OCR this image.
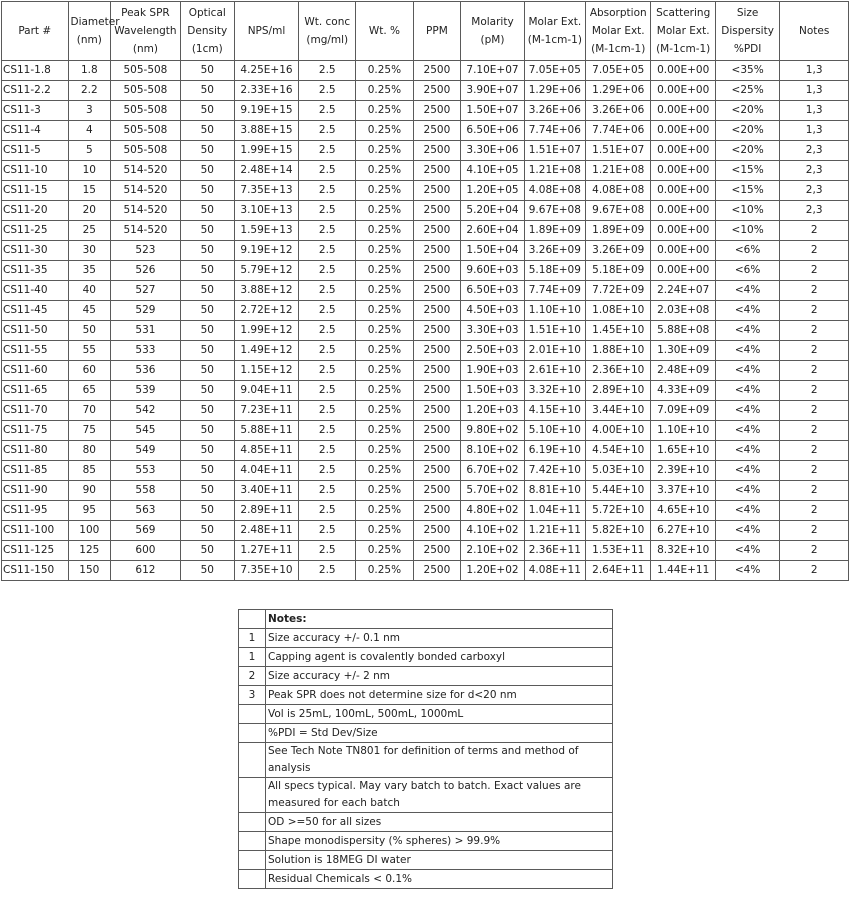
Part #	Diameter (nm)	Peak SPR Wavelength (nm)	Optical Density (1cm)	NPS/ml	Wt. conc (mg/ml)	Wt. %	PPM	Molarity (pM)	Molar Ext. (M-1cm-1)	Absorption Molar Ext. (M-1cm-1)	Scattering Molar Ext. (M-1cm-1)	Size Dispersity %PDI	Notes
CS11-1.8	1.8	505-508	50	4.25E+16	2.5	0.25%	2500	7.10E+07	7.05E+05	7.05E+05	0.00E+00	<35%	1,3
CS11-2.2	2.2	505-508	50	2.33E+16	2.5	0.25%	2500	3.90E+07	1.29E+06	1.29E+06	0.00E+00	<25%	1,3
CS11-3	3	505-508	50	9.19E+15	2.5	0.25%	2500	1.50E+07	3.26E+06	3.26E+06	0.00E+00	<20%	1,3
CS11-4	4	505-508	50	3.88E+15	2.5	0.25%	2500	6.50E+06	7.74E+06	7.74E+06	0.00E+00	<20%	1,3
CS11-5	5	505-508	50	1.99E+15	2.5	0.25%	2500	3.30E+06	1.51E+07	1.51E+07	0.00E+00	<20%	2,3
CS11-10	10	514-520	50	2.48E+14	2.5	0.25%	2500	4.10E+05	1.21E+08	1.21E+08	0.00E+00	<15%	2,3
CS11-15	15	514-520	50	7.35E+13	2.5	0.25%	2500	1.20E+05	4.08E+08	4.08E+08	0.00E+00	<15%	2,3
CS11-20	20	514-520	50	3.10E+13	2.5	0.25%	2500	5.20E+04	9.67E+08	9.67E+08	0.00E+00	<10%	2,3
CS11-25	25	514-520	50	1.59E+13	2.5	0.25%	2500	2.60E+04	1.89E+09	1.89E+09	0.00E+00	<10%	2
CS11-30	30	523	50	9.19E+12	2.5	0.25%	2500	1.50E+04	3.26E+09	3.26E+09	0.00E+00	<6%	2
CS11-35	35	526	50	5.79E+12	2.5	0.25%	2500	9.60E+03	5.18E+09	5.18E+09	0.00E+00	<6%	2
CS11-40	40	527	50	3.88E+12	2.5	0.25%	2500	6.50E+03	7.74E+09	7.72E+09	2.24E+07	<4%	2
CS11-45	45	529	50	2.72E+12	2.5	0.25%	2500	4.50E+03	1.10E+10	1.08E+10	2.03E+08	<4%	2
CS11-50	50	531	50	1.99E+12	2.5	0.25%	2500	3.30E+03	1.51E+10	1.45E+10	5.88E+08	<4%	2
CS11-55	55	533	50	1.49E+12	2.5	0.25%	2500	2.50E+03	2.01E+10	1.88E+10	1.30E+09	<4%	2
CS11-60	60	536	50	1.15E+12	2.5	0.25%	2500	1.90E+03	2.61E+10	2.36E+10	2.48E+09	<4%	2
CS11-65	65	539	50	9.04E+11	2.5	0.25%	2500	1.50E+03	3.32E+10	2.89E+10	4.33E+09	<4%	2
CS11-70	70	542	50	7.23E+11	2.5	0.25%	2500	1.20E+03	4.15E+10	3.44E+10	7.09E+09	<4%	2
CS11-75	75	545	50	5.88E+11	2.5	0.25%	2500	9.80E+02	5.10E+10	4.00E+10	1.10E+10	<4%	2
CS11-80	80	549	50	4.85E+11	2.5	0.25%	2500	8.10E+02	6.19E+10	4.54E+10	1.65E+10	<4%	2
CS11-85	85	553	50	4.04E+11	2.5	0.25%	2500	6.70E+02	7.42E+10	5.03E+10	2.39E+10	<4%	2
CS11-90	90	558	50	3.40E+11	2.5	0.25%	2500	5.70E+02	8.81E+10	5.44E+10	3.37E+10	<4%	2
CS11-95	95	563	50	2.89E+11	2.5	0.25%	2500	4.80E+02	1.04E+11	5.72E+10	4.65E+10	<4%	2
CS11-100	100	569	50	2.48E+11	2.5	0.25%	2500	4.10E+02	1.21E+11	5.82E+10	6.27E+10	<4%	2
CS11-125	125	600	50	1.27E+11	2.5	0.25%	2500	2.10E+02	2.36E+11	1.53E+11	8.32E+10	<4%	2
CS11-150	150	612	50	7.35E+10	2.5	0.25%	2500	1.20E+02	4.08E+11	2.64E+11	1.44E+11	<4%	2
	Notes:
1	Size accuracy +/- 0.1 nm
1	Capping agent is covalently bonded carboxyl
2	Size accuracy +/- 2 nm
3	Peak SPR does not determine size for d<20 nm
	Vol is 25mL, 100mL, 500mL, 1000mL
	%PDI = Std Dev/Size
	See Tech Note TN801 for definition of terms and method of analysis
	All specs typical. May vary batch to batch. Exact values are measured for each batch
	OD >=50 for all sizes
	Shape monodispersity (% spheres) > 99.9%
	Solution is 18MEG DI water
	Residual Chemicals < 0.1%
